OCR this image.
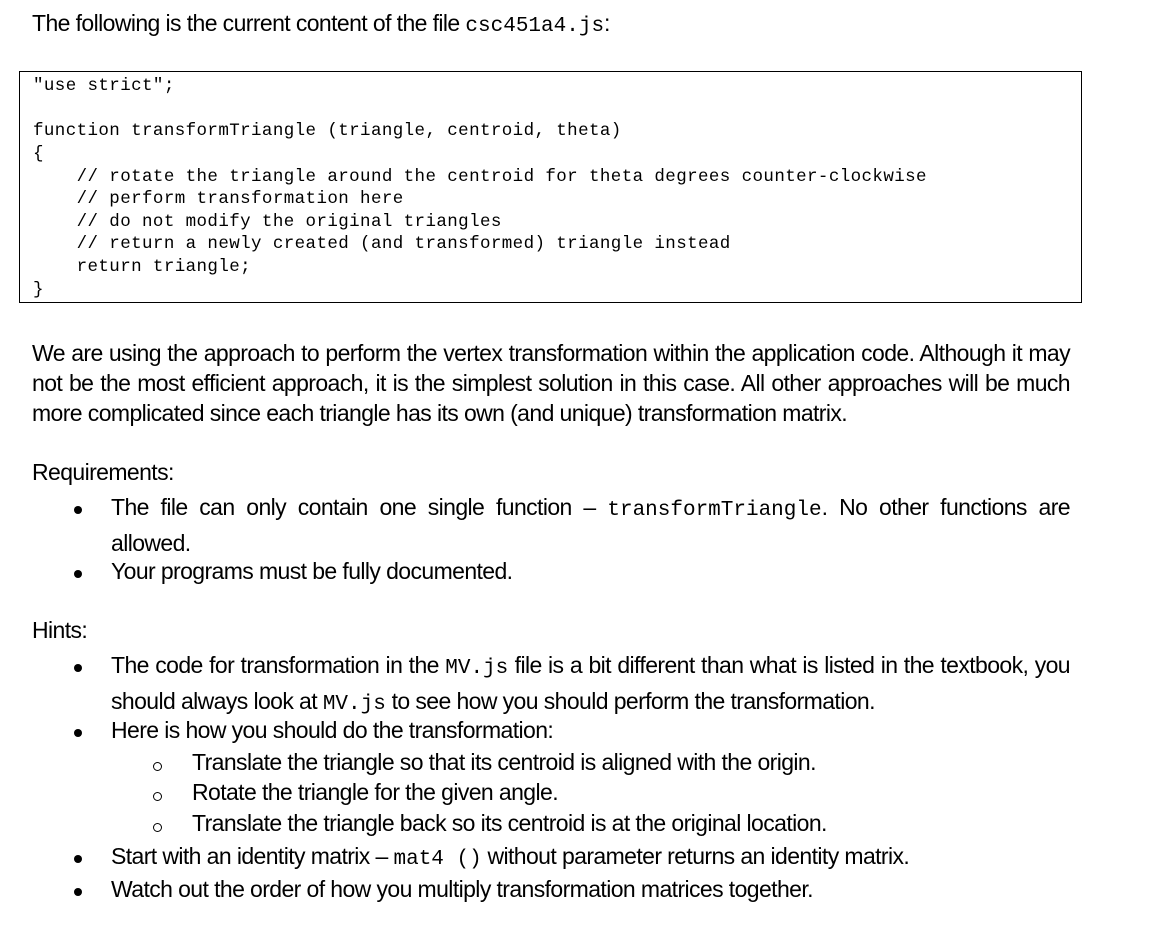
The following is the current content of the file csc451a4.js:
"use strict";
function transformTriangle (triangle, centroid, theta)
{
// rotate the triangle around the centroid for theta degrees counter-clockwise
// perform transformation here
// do not modify the original triangles
// return a newly created (and transformed) triangle instead
return triangle;
}
We are using the approach to perform the vertex transformation within the application code. Although it may not be the most efficient approach, it is the simplest solution in this case. All other approaches will be much more complicated since each triangle has its own (and unique) transformation matrix.
Requirements:
The file can only contain one single function – transformTriangle. No other functions are allowed.
Your programs must be fully documented.
Hints:
The code for transformation in the MV.js file is a bit different than what is listed in the textbook, you should always look at MV.js to see how you should perform the transformation.
Here is how you should do the transformation:
Translate the triangle so that its centroid is aligned with the origin.
Rotate the triangle for the given angle.
Translate the triangle back so its centroid is at the original location.
Start with an identity matrix – mat4 () without parameter returns an identity matrix.
Watch out the order of how you multiply transformation matrices together.
